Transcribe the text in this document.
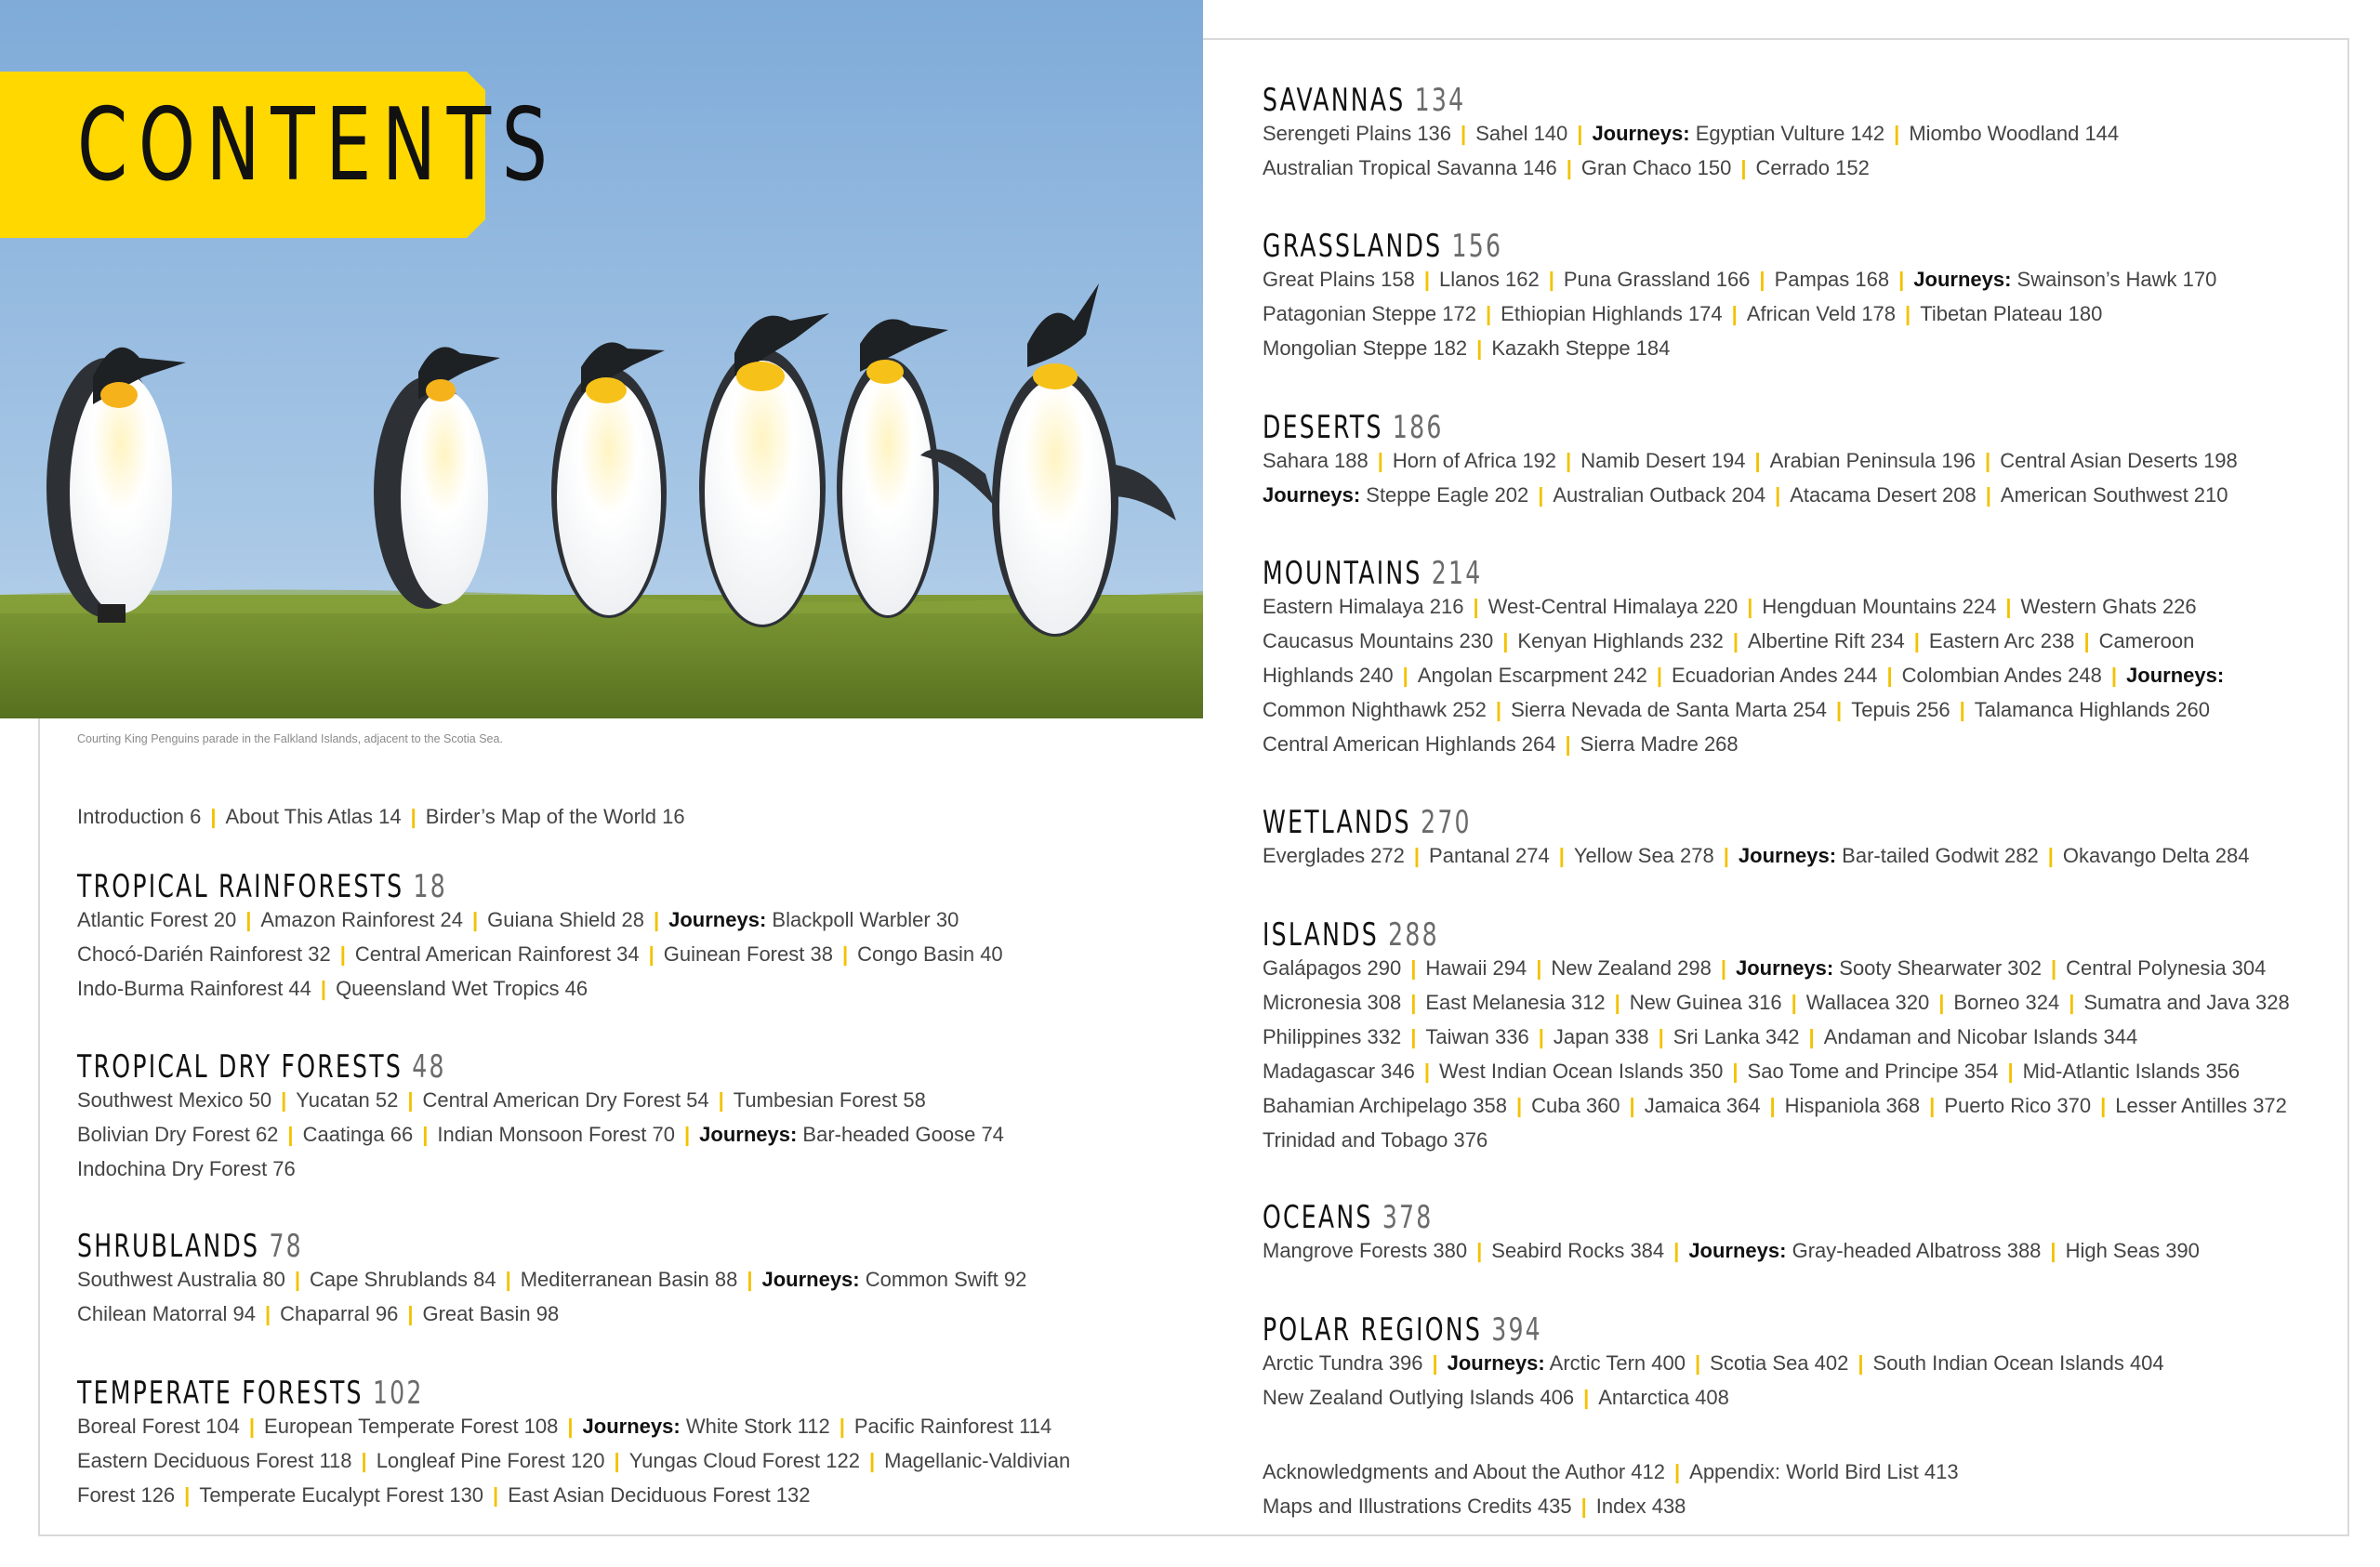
CONTENTS
Courting King Penguins parade in the Falkland Islands, adjacent to the Scotia Sea.
Introduction 6 | About This Atlas 14 | Birder’s Map of the World 16
TROPICAL RAINFORESTS 18
Atlantic Forest 20 | Amazon Rainforest 24 | Guiana Shield 28 | Journeys: Blackpoll Warbler 30
Chocó-Darién Rainforest 32 | Central American Rainforest 34 | Guinean Forest 38 | Congo Basin 40
Indo-Burma Rainforest 44 | Queensland Wet Tropics 46
TROPICAL DRY FORESTS 48
Southwest Mexico 50 | Yucatan 52 | Central American Dry Forest 54 | Tumbesian Forest 58
Bolivian Dry Forest 62 | Caatinga 66 | Indian Monsoon Forest 70 | Journeys: Bar-headed Goose 74
Indochina Dry Forest 76
SHRUBLANDS 78
Southwest Australia 80 | Cape Shrublands 84 | Mediterranean Basin 88 | Journeys: Common Swift 92
Chilean Matorral 94 | Chaparral 96 | Great Basin 98
TEMPERATE FORESTS 102
Boreal Forest 104 | European Temperate Forest 108 | Journeys: White Stork 112 | Pacific Rainforest 114
Eastern Deciduous Forest 118 | Longleaf Pine Forest 120 | Yungas Cloud Forest 122 | Magellanic-Valdivian
Forest 126 | Temperate Eucalypt Forest 130 | East Asian Deciduous Forest 132
SAVANNAS 134
Serengeti Plains 136 | Sahel 140 | Journeys: Egyptian Vulture 142 | Miombo Woodland 144
Australian Tropical Savanna 146 | Gran Chaco 150 | Cerrado 152
GRASSLANDS 156
Great Plains 158 | Llanos 162 | Puna Grassland 166 | Pampas 168 | Journeys: Swainson’s Hawk 170
Patagonian Steppe 172 | Ethiopian Highlands 174 | African Veld 178 | Tibetan Plateau 180
Mongolian Steppe 182 | Kazakh Steppe 184
DESERTS 186
Sahara 188 | Horn of Africa 192 | Namib Desert 194 | Arabian Peninsula 196 | Central Asian Deserts 198
Journeys: Steppe Eagle 202 | Australian Outback 204 | Atacama Desert 208 | American Southwest 210
MOUNTAINS 214
Eastern Himalaya 216 | West-Central Himalaya 220 | Hengduan Mountains 224 | Western Ghats 226
Caucasus Mountains 230 | Kenyan Highlands 232 | Albertine Rift 234 | Eastern Arc 238 | Cameroon
Highlands 240 | Angolan Escarpment 242 | Ecuadorian Andes 244 | Colombian Andes 248 | Journeys:
Common Nighthawk 252 | Sierra Nevada de Santa Marta 254 | Tepuis 256 | Talamanca Highlands 260
Central American Highlands 264 | Sierra Madre 268
WETLANDS 270
Everglades 272 | Pantanal 274 | Yellow Sea 278 | Journeys: Bar-tailed Godwit 282 | Okavango Delta 284
ISLANDS 288
Galápagos 290 | Hawaii 294 | New Zealand 298 | Journeys: Sooty Shearwater 302 | Central Polynesia 304
Micronesia 308 | East Melanesia 312 | New Guinea 316 | Wallacea 320 | Borneo 324 | Sumatra and Java 328
Philippines 332 | Taiwan 336 | Japan 338 | Sri Lanka 342 | Andaman and Nicobar Islands 344
Madagascar 346 | West Indian Ocean Islands 350 | Sao Tome and Principe 354 | Mid-Atlantic Islands 356
Bahamian Archipelago 358 | Cuba 360 | Jamaica 364 | Hispaniola 368 | Puerto Rico 370 | Lesser Antilles 372
Trinidad and Tobago 376
OCEANS 378
Mangrove Forests 380 | Seabird Rocks 384 | Journeys: Gray-headed Albatross 388 | High Seas 390
POLAR REGIONS 394
Arctic Tundra 396 | Journeys: Arctic Tern 400 | Scotia Sea 402 | South Indian Ocean Islands 404
New Zealand Outlying Islands 406 | Antarctica 408
Acknowledgments and About the Author 412 | Appendix: World Bird List 413
Maps and Illustrations Credits 435 | Index 438
